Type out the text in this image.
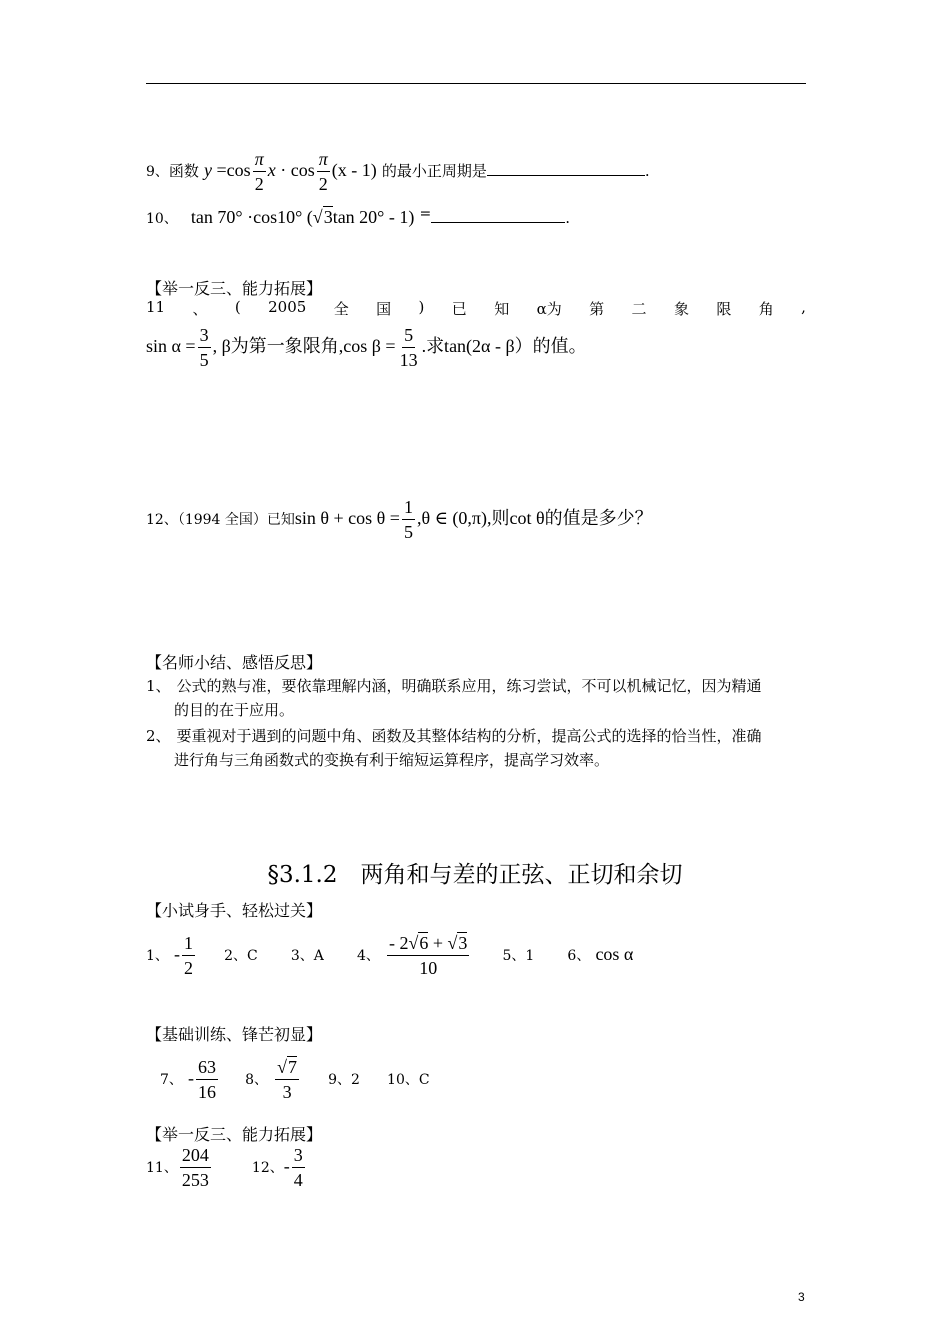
9、函数 $y =\cos \frac{\pi}{2}$ $x \cdot \cos \frac{\pi}{2} (x - 1)$ 的最小正周期是	.
10、 tan 70° ·cos10° (√3tan 20° - 1) =	.
【举一反三、能力拓展】
11 、 ( 2005 全 国 ) 已 知 α为 第 二 象 限 角 ,
$\sin \alpha = \frac{3}{5}$ , β为第一象限角,cos $\beta = \frac{5}{13}$ .求tan(2α - β）的值。
12、（1994 全国）已知$\sin \theta + \cos \theta = \frac{1}{5} ,\theta$ ∈ (0,π),则cot θ的值是多少？
【名师小结、感悟反思】
1、 公式的熟与准，要依靠理解内涵，明确联系应用，练习尝试，不可以机械记忆，因为精通
的目的在于应用。
2、 要重视对于遇到的问题中角、函数及其整体结构的分析，提高公式的选择的恰当性，准确
进行角与三角函数式的变换有利于缩短运算程序，提高学习效率。
§3.1.2　两角和与差的正弦、正切和余切
【小试身手、轻松过关】
1、 - $\frac{1}{2} 2$、C 3、A 4、 $\frac{- 2√6 + √3}{10} 5$、1 6、 cos α
【基础训练、锋芒初显】
7、 - $\frac{63}{16} 8$、 $\frac{√7}{3} 9$、2 10、C
【举一反三、能力拓展】
11、 $\frac{204}{253}$	12、- $\frac{3}{4}$
3
